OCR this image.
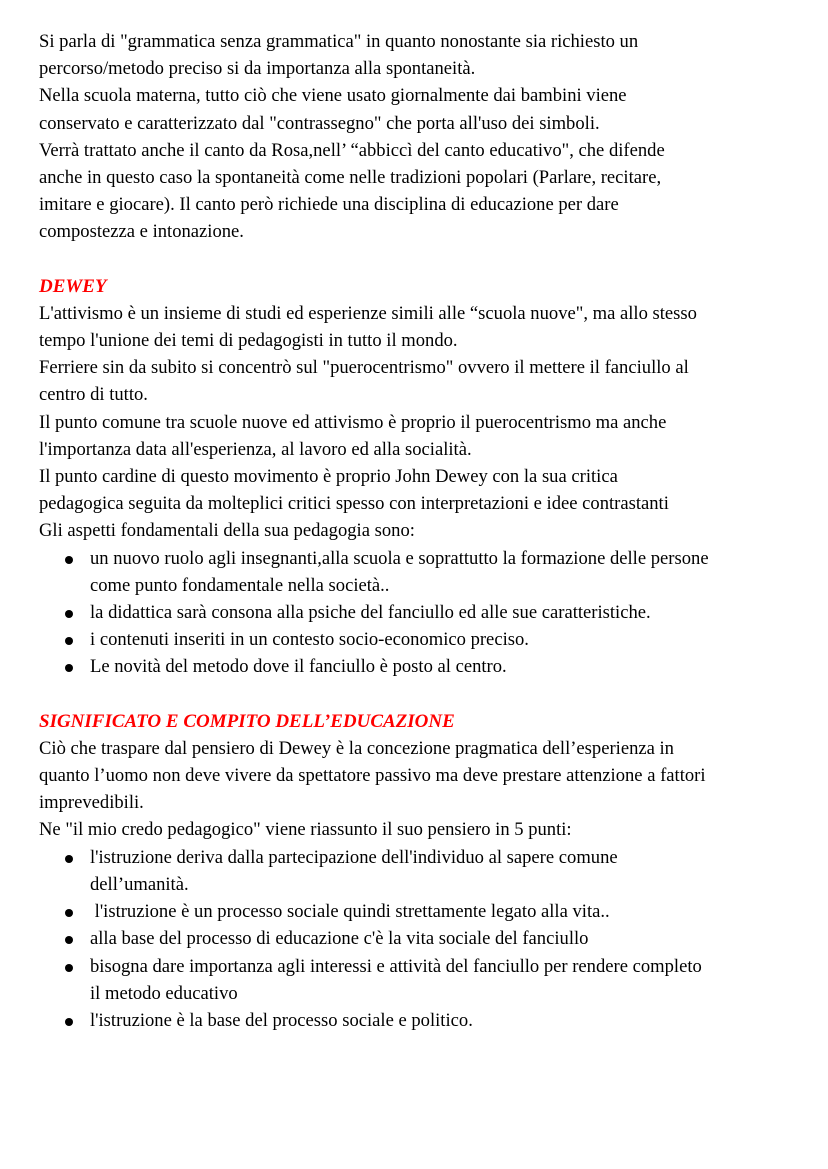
Si parla di "grammatica senza grammatica" in quanto nonostante sia richiesto un
percorso/metodo preciso si da importanza alla spontaneità.
Nella scuola materna, tutto ciò che viene usato giornalmente dai bambini viene
conservato e caratterizzato dal "contrassegno" che porta all'uso dei simboli.
Verrà trattato anche il canto da Rosa,nell’ “abbiccì del canto educativo", che difende
anche in questo caso la spontaneità come nelle tradizioni popolari (Parlare, recitare,
imitare e giocare). Il canto però richiede una disciplina di educazione per dare
compostezza e intonazione.
DEWEY
L'attivismo è un insieme di studi ed esperienze simili alle “scuola nuove", ma allo stesso
tempo l'unione dei temi di pedagogisti in tutto il mondo.
Ferriere sin da subito si concentrò sul "puerocentrismo" ovvero il mettere il fanciullo al
centro di tutto.
Il punto comune tra scuole nuove ed attivismo è proprio il puerocentrismo ma anche
l'importanza data all'esperienza, al lavoro ed alla socialità.
Il punto cardine di questo movimento è proprio John Dewey con la sua critica
pedagogica seguita da molteplici critici spesso con interpretazioni e idee contrastanti
Gli aspetti fondamentali della sua pedagogia sono:
un nuovo ruolo agli insegnanti,alla scuola e soprattutto la formazione delle persone
come punto fondamentale nella società..
la didattica sarà consona alla psiche del fanciullo ed alle sue caratteristiche.
i contenuti inseriti in un contesto socio-economico preciso.
Le novità del metodo dove il fanciullo è posto al centro.
SIGNIFICATO E COMPITO DELL’EDUCAZIONE
Ciò che traspare dal pensiero di Dewey è la concezione pragmatica dell’esperienza in
quanto l’uomo non deve vivere da spettatore passivo ma deve prestare attenzione a fattori
imprevedibili.
Ne "il mio credo pedagogico" viene riassunto il suo pensiero in 5 punti:
l'istruzione deriva dalla partecipazione dell'individuo al sapere comune
dell’umanità.
l'istruzione è un processo sociale quindi strettamente legato alla vita..
alla base del processo di educazione c'è la vita sociale del fanciullo
bisogna dare importanza agli interessi e attività del fanciullo per rendere completo
il metodo educativo
l'istruzione è la base del processo sociale e politico.
